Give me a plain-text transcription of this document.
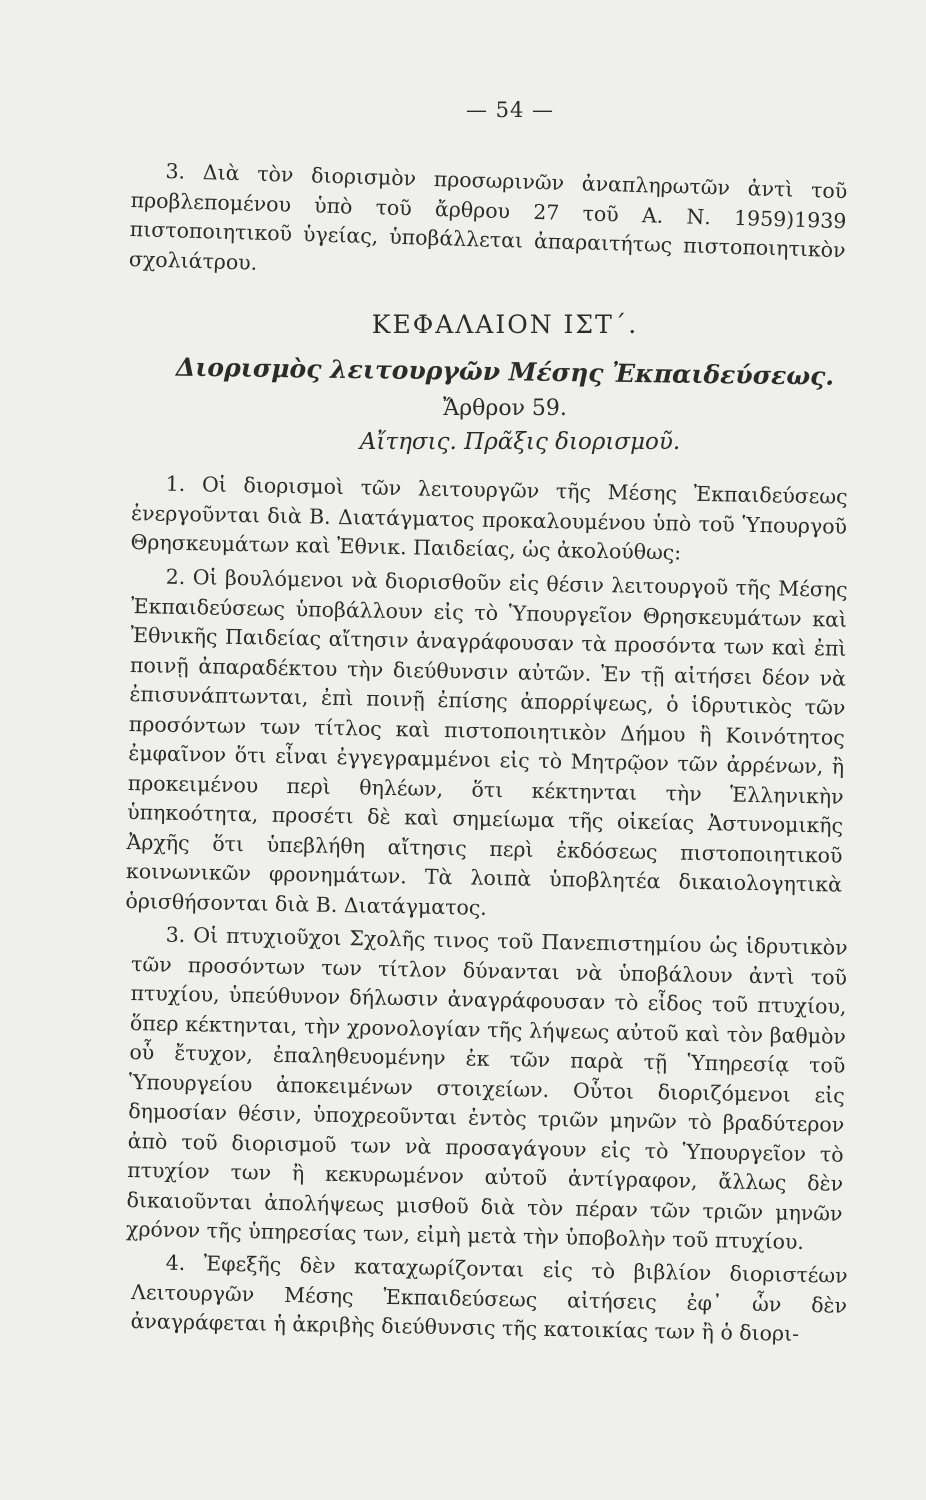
— 54 —

3. Διὰ τὸν διορισμὸν προσωρινῶν ἀναπληρωτῶν ἀντὶ τοῦ προβλεπομένου ὑπὸ τοῦ ἄρθρου 27 τοῦ Α. Ν. 1959)1939 πιστοποιητικοῦ ὑγείας, ὑποβάλλεται ἀπαραιτήτως πιστοποιητικὸν σχολιάτρου.

ΚΕΦΑΛΑΙΟΝ ΙΣΤ΄.
Διορισμὸς λειτουργῶν Μέσης Ἐκπαιδεύσεως.
Ἄρθρον 59.
Αἴτησις. Πρᾶξις διορισμοῦ.

1. Οἱ διορισμοὶ τῶν λειτουργῶν τῆς Μέσης Ἐκπαιδεύσεως ἐνεργοῦνται διὰ Β. Διατάγματος προκαλουμένου ὑπὸ τοῦ Ὑπουργοῦ Θρησκευμάτων καὶ Ἐθνικ. Παιδείας, ὡς ἀκολούθως:

2. Οἱ βουλόμενοι νὰ διορισθοῦν εἰς θέσιν λειτουργοῦ τῆς Μέσης Ἐκπαιδεύσεως ὑποβάλλουν εἰς τὸ Ὑπουργεῖον Θρησκευμάτων καὶ Ἐθνικῆς Παιδείας αἴτησιν ἀναγράφουσαν τὰ προσόντα των καὶ ἐπὶ ποινῇ ἀπαραδέκτου τὴν διεύθυνσιν αὐτῶν. Ἐν τῇ αἰτήσει δέον νὰ ἐπισυνάπτωνται, ἐπὶ ποινῇ ἐπίσης ἀπορρίψεως, ὁ ἱδρυτικὸς τῶν προσόντων των τίτλος καὶ πιστοποιητικὸν Δήμου ἢ Κοινότητος ἐμφαῖνον ὅτι εἶναι ἐγγεγραμμένοι εἰς τὸ Μητρῷον τῶν ἀρρένων, ἢ προκειμένου περὶ θηλέων, ὅτι κέκτηνται τὴν Ἑλληνικὴν ὑπηκοότητα, προσέτι δὲ καὶ σημείωμα τῆς οἰκείας Ἀστυνομικῆς Ἀρχῆς ὅτι ὑπεβλήθη αἴτησις περὶ ἐκδόσεως πιστοποιητικοῦ κοινωνικῶν φρονημάτων. Τὰ λοιπὰ ὑποβλητέα δικαιολογητικὰ ὁρισθήσονται διὰ Β. Διατάγματος.

3. Οἱ πτυχιοῦχοι Σχολῆς τινος τοῦ Πανεπιστημίου ὡς ἱδρυτικὸν τῶν προσόντων των τίτλον δύνανται νὰ ὑποβάλουν ἀντὶ τοῦ πτυχίου, ὑπεύθυνον δήλωσιν ἀναγράφουσαν τὸ εἶδος τοῦ πτυχίου, ὅπερ κέκτηνται, τὴν χρονολογίαν τῆς λήψεως αὐτοῦ καὶ τὸν βαθμὸν οὗ ἔτυχον, ἐπαληθευομένην ἐκ τῶν παρὰ τῇ Ὑπηρεσίᾳ τοῦ Ὑπουργείου ἀποκειμένων στοιχείων. Οὗτοι διοριζόμενοι εἰς δημοσίαν θέσιν, ὑποχρεοῦνται ἐντὸς τριῶν μηνῶν τὸ βραδύτερον ἀπὸ τοῦ διορισμοῦ των νὰ προσαγάγουν εἰς τὸ Ὑπουργεῖον τὸ πτυχίον των ἢ κεκυρωμένον αὐτοῦ ἀντίγραφον, ἄλλως δὲν δικαιοῦνται ἀπολήψεως μισθοῦ διὰ τὸν πέραν τῶν τριῶν μηνῶν χρόνον τῆς ὑπηρεσίας των, εἰμὴ μετὰ τὴν ὑποβολὴν τοῦ πτυχίου.

4. Ἐφεξῆς δὲν καταχωρίζονται εἰς τὸ βιβλίον διοριστέων Λειτουργῶν Μέσης Ἐκπαιδεύσεως αἰτήσεις ἐφ᾽ ὧν δὲν ἀναγράφεται ἡ ἀκριβὴς διεύθυνσις τῆς κατοικίας των ἢ ὁ διορι-
